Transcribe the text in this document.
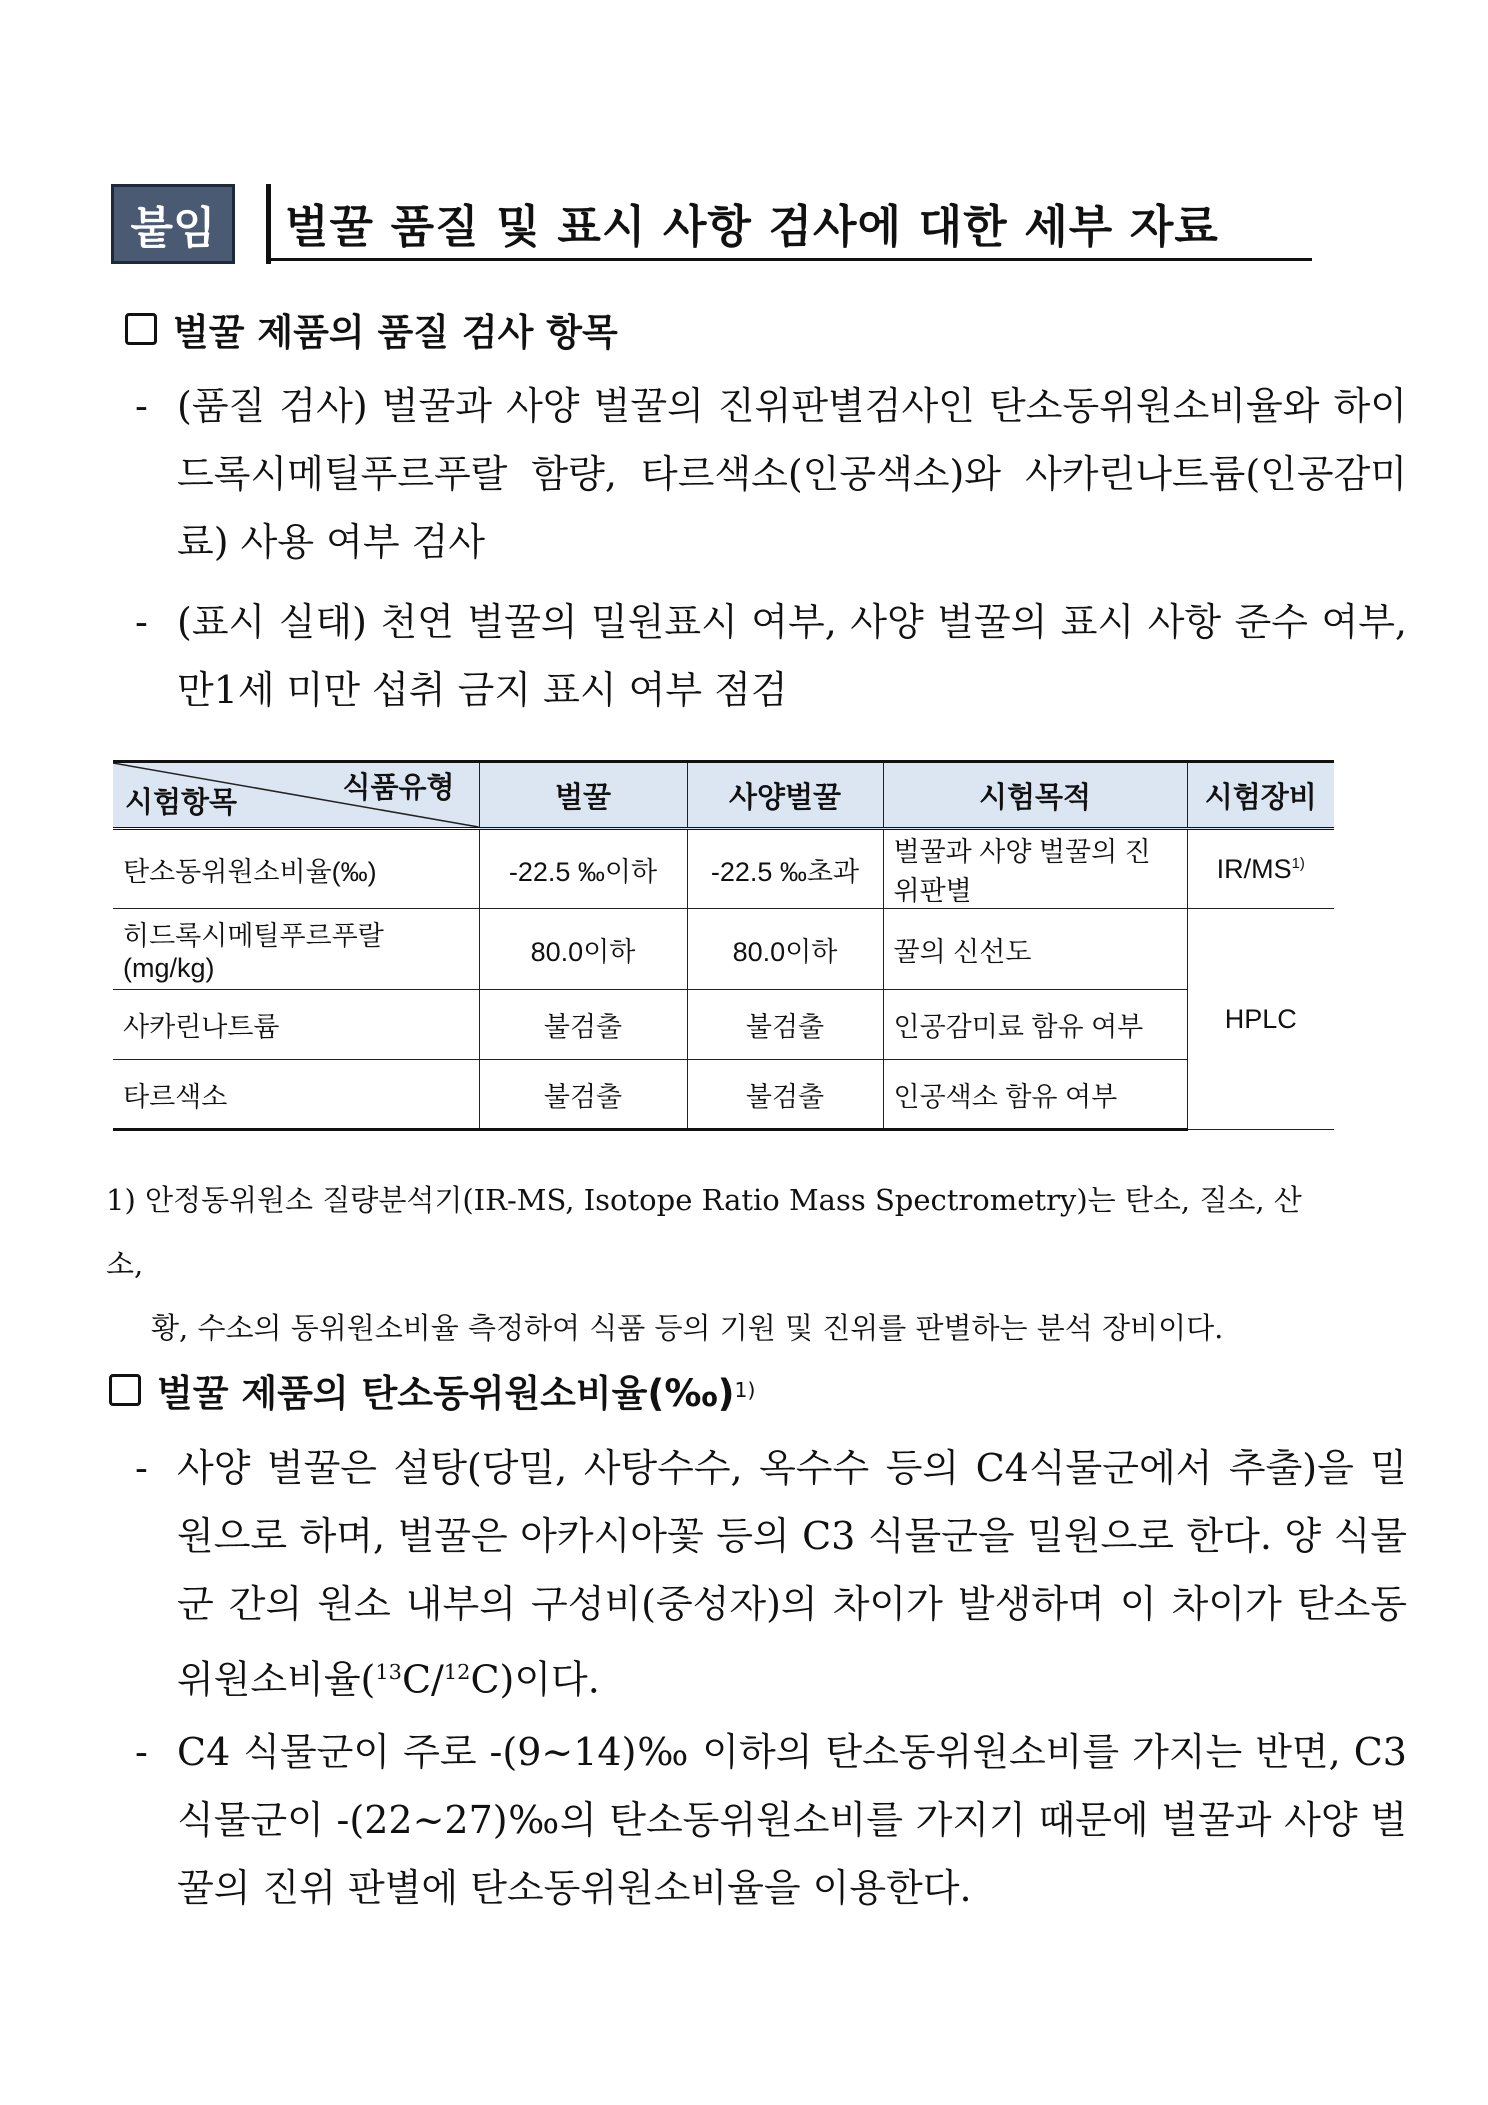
붙임	벌꿀 품질 및 표시 사항 검사에 대한 세부 자료
벌꿀 제품의 품질 검사 항목
- (품질 검사) 벌꿀과 사양 벌꿀의 진위판별검사인 탄소동위원소비율와 하이드록시메틸푸르푸랄 함량, 타르색소(인공색소)와 사카린나트륨(인공감미료) 사용 여부 검사
- (표시 실태) 천연 벌꿀의 밀원표시 여부, 사양 벌꿀의 표시 사항 준수 여부, 만1세 미만 섭취 금지 표시 여부 점검
식품유형
시험항목	벌꿀	사양벌꿀	시험목적	시험장비
탄소동위원소비율(‰)	-22.5 ‰이하	-22.5 ‰초과	벌꿀과 사양 벌꿀의 진위판별	IR/MS$^{1)}$
히드록시메틸푸르푸랄 (mg/kg)	80.0이하	80.0이하	꿀의 신선도	HPLC
사카린나트륨	불검출	불검출	인공감미료 함유 여부	
타르색소	불검출	불검출	인공색소 함유 여부	
1) 안정동위원소 질량분석기(IR-MS, Isotope Ratio Mass Spectrometry)는 탄소, 질소, 산소,
황, 수소의 동위원소비율 측정하여 식품 등의 기원 및 진위를 판별하는 분석 장비이다.
벌꿀 제품의 탄소동위원소비율(‰) 1)
- 사양 벌꿀은 설탕(당밀, 사탕수수, 옥수수 등의 C4식물군에서 추출)을 밀원으로 하며, 벌꿀은 아카시아꽃 등의 C3 식물군을 밀원으로 한다. 양 식물군 간의 원소 내부의 구성비(중성자)의 차이가 발생하며 이 차이가 탄소동위원소비율($^{13}$C/$^{12}$C)이다.
- C4 식물군이 주로 -(9~14)‰ 이하의 탄소동위원소비를 가지는 반면, C3 식물군이 -(22~27)‰의 탄소동위원소비를 가지기 때문에 벌꿀과 사양 벌꿀의 진위 판별에 탄소동위원소비율을 이용한다.
